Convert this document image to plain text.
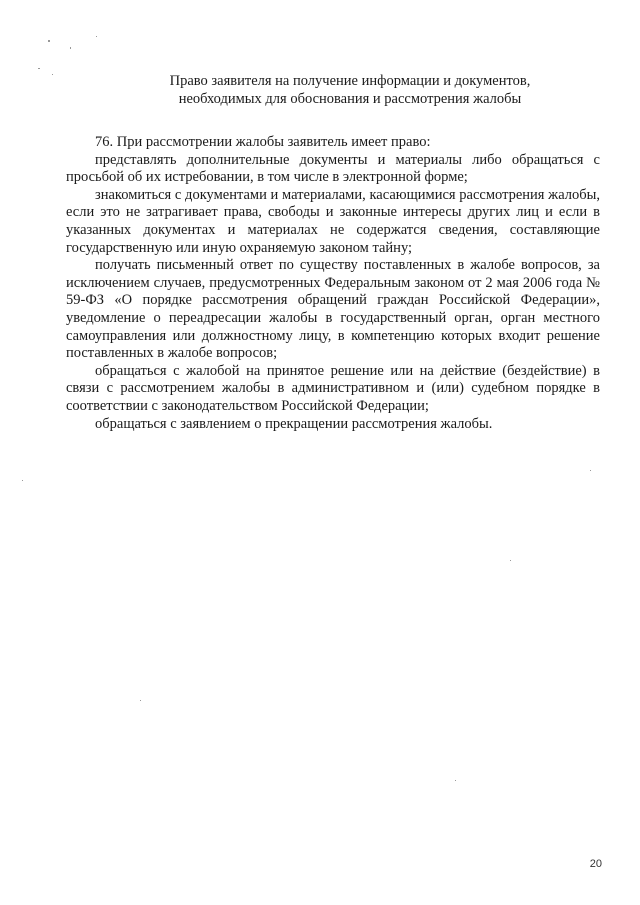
Право заявителя на получение информации и документов,
необходимых для обоснования и рассмотрения жалобы

76. При рассмотрении жалобы заявитель имеет право:

представлять дополнительные документы и материалы либо обращаться с просьбой об их истребовании, в том числе в электронной форме;

знакомиться с документами и материалами, касающимися рассмотрения жалобы, если это не затрагивает права, свободы и законные интересы других лиц и если в указанных документах и материалах не содержатся сведения, составляющие государственную или иную охраняемую законом тайну;

получать письменный ответ по существу поставленных в жалобе вопросов, за исключением случаев, предусмотренных Федеральным законом от 2 мая 2006 года № 59-ФЗ «О порядке рассмотрения обращений граждан Российской Федерации», уведомление о переадресации жалобы в государственный орган, орган местного самоуправления или должностному лицу, в компетенцию которых входит решение поставленных в жалобе вопросов;

обращаться с жалобой на принятое решение или на действие (бездействие) в связи с рассмотрением жалобы в административном и (или) судебном порядке в соответствии с законодательством Российской Федерации;

обращаться с заявлением о прекращении рассмотрения жалобы.

20
